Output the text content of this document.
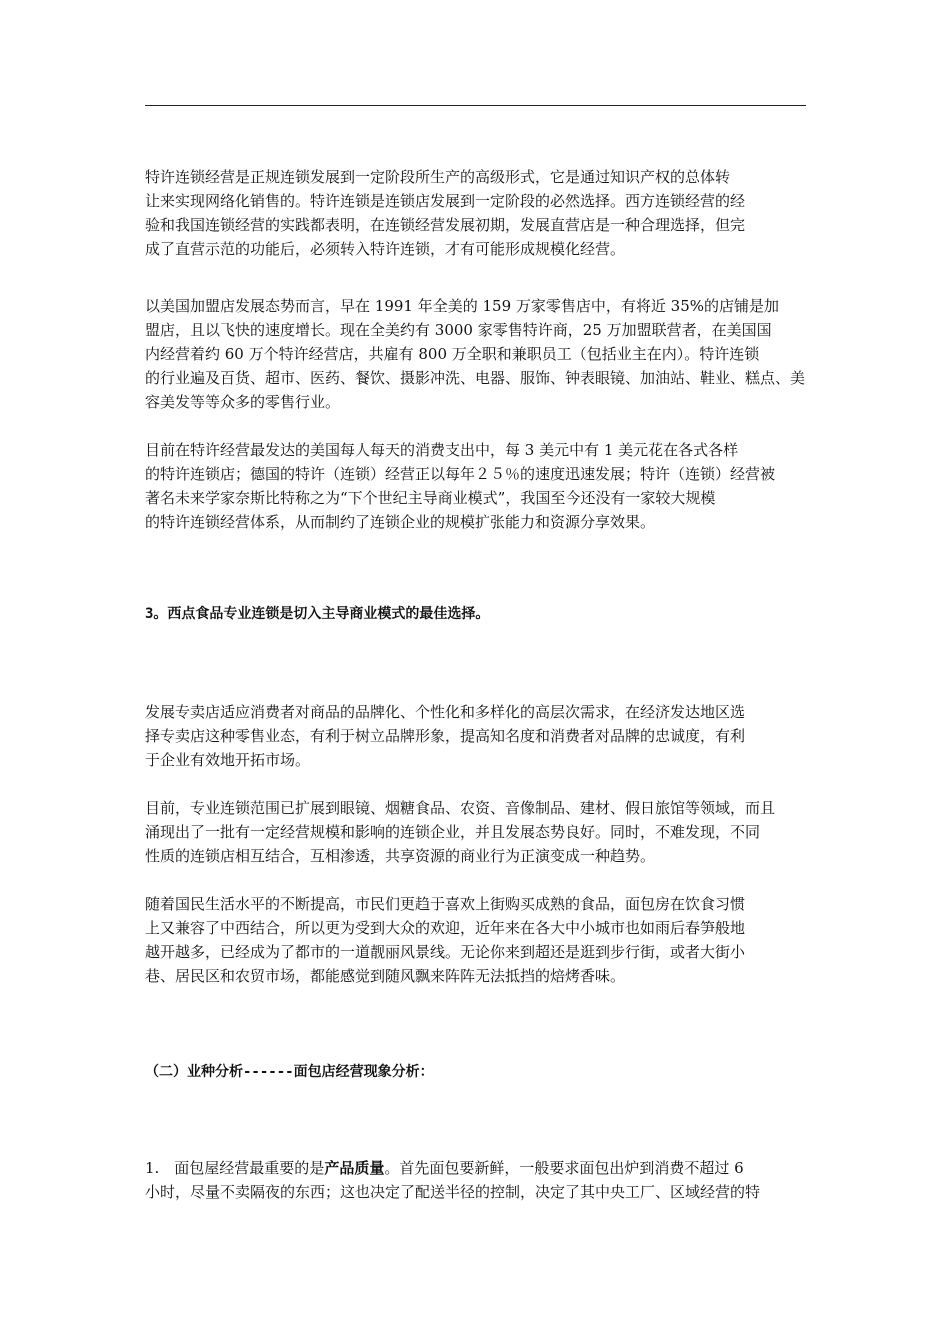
特许连锁经营是正规连锁发展到一定阶段所生产的高级形式，它是通过知识产权的总体转
让来实现网络化销售的。特许连锁是连锁店发展到一定阶段的必然选择。西方连锁经营的经
验和我国连锁经营的实践都表明，在连锁经营发展初期，发展直营店是一种合理选择，但完
成了直营示范的功能后，必须转入特许连锁，才有可能形成规模化经营。
以美国加盟店发展态势而言，早在 1991 年全美的 159 万家零售店中，有将近 35%的店铺是加
盟店，且以飞快的速度增长。现在全美约有 3000 家零售特许商，25 万加盟联营者，在美国国
内经营着约 60 万个特许经营店，共雇有 800 万全职和兼职员工（包括业主在内）。特许连锁
的行业遍及百货、超市、医药、餐饮、摄影冲洗、电器、服饰、钟表眼镜、加油站、鞋业、糕点、美
容美发等等众多的零售行业。
目前在特许经营最发达的美国每人每天的消费支出中，每 3 美元中有 1 美元花在各式各样
的特许连锁店；德国的特许（连锁）经营正以每年２５％的速度迅速发展；特许（连锁）经营被
著名未来学家奈斯比特称之为“下个世纪主导商业模式”，我国至今还没有一家较大规模
的特许连锁经营体系，从而制约了连锁企业的规模扩张能力和资源分享效果。
3。西点食品专业连锁是切入主导商业模式的最佳选择。
发展专卖店适应消费者对商品的品牌化、个性化和多样化的高层次需求，在经济发达地区选
择专卖店这种零售业态，有利于树立品牌形象，提高知名度和消费者对品牌的忠诚度，有利
于企业有效地开拓市场。
目前，专业连锁范围已扩展到眼镜、烟糖食品、农资、音像制品、建材、假日旅馆等领域，而且
涌现出了一批有一定经营规模和影响的连锁企业，并且发展态势良好。同时，不难发现，不同
性质的连锁店相互结合，互相渗透，共享资源的商业行为正演变成一种趋势。
随着国民生活水平的不断提高，市民们更趋于喜欢上街购买成熟的食品，面包房在饮食习惯
上又兼容了中西结合，所以更为受到大众的欢迎，近年来在各大中小城市也如雨后春笋般地
越开越多，已经成为了都市的一道靓丽风景线。无论你来到超还是逛到步行街，或者大街小
巷、居民区和农贸市场，都能感觉到随风飘来阵阵无法抵挡的焙烤香味。
（二）业种分析------面包店经营现象分析：
1.　面包屋经营最重要的是产品质量。首先面包要新鲜，一般要求面包出炉到消费不超过 6
小时，尽量不卖隔夜的东西；这也决定了配送半径的控制，决定了其中央工厂、区域经营的特
